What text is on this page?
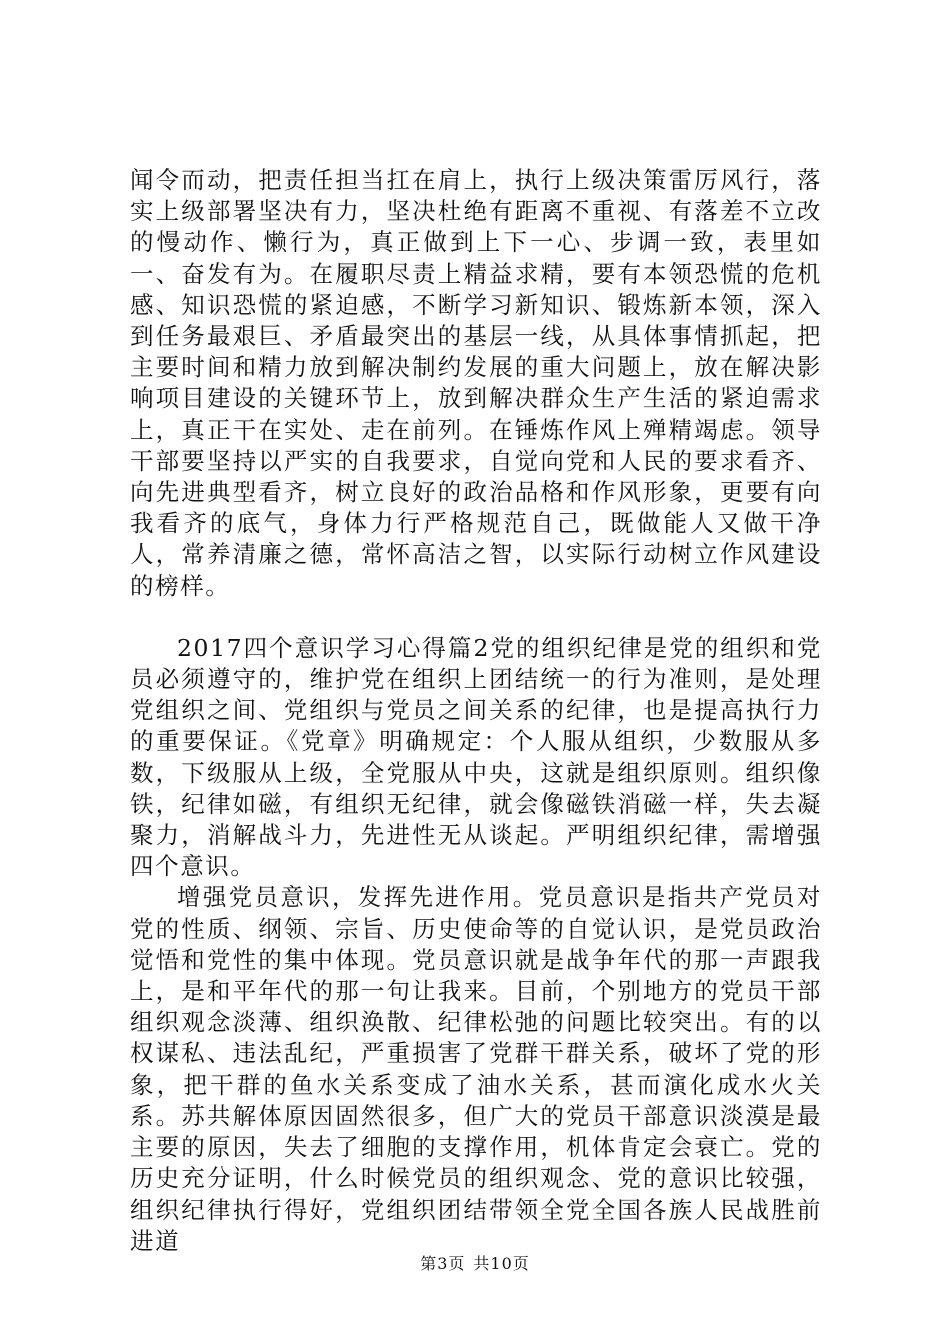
闻令而动，把责任担当扛在肩上，执行上级决策雷厉风行，落实上级部署坚决有力，坚决杜绝有距离不重视、有落差不立改的慢动作、懒行为，真正做到上下一心、步调一致，表里如一、奋发有为。在履职尽责上精益求精，要有本领恐慌的危机感、知识恐慌的紧迫感，不断学习新知识、锻炼新本领，深入到任务最艰巨、矛盾最突出的基层一线，从具体事情抓起，把主要时间和精力放到解决制约发展的重大问题上，放在解决影响项目建设的关键环节上，放到解决群众生产生活的紧迫需求上，真正干在实处、走在前列。在锤炼作风上殚精竭虑。领导干部要坚持以严实的自我要求，自觉向党和人民的要求看齐、向先进典型看齐，树立良好的政治品格和作风形象，更要有向我看齐的底气，身体力行严格规范自己，既做能人又做干净人，常养清廉之德，常怀高洁之智，以实际行动树立作风建设的榜样。

2017四个意识学习心得篇2党的组织纪律是党的组织和党员必须遵守的，维护党在组织上团结统一的行为准则，是处理党组织之间、党组织与党员之间关系的纪律，也是提高执行力的重要保证。《党章》明确规定：个人服从组织，少数服从多数，下级服从上级，全党服从中央，这就是组织原则。组织像铁，纪律如磁，有组织无纪律，就会像磁铁消磁一样，失去凝聚力，消解战斗力，先进性无从谈起。严明组织纪律，需增强四个意识。

增强党员意识，发挥先进作用。党员意识是指共产党员对党的性质、纲领、宗旨、历史使命等的自觉认识，是党员政治觉悟和党性的集中体现。党员意识就是战争年代的那一声跟我上，是和平年代的那一句让我来。目前，个别地方的党员干部组织观念淡薄、组织涣散、纪律松弛的问题比较突出。有的以权谋私、违法乱纪，严重损害了党群干群关系，破坏了党的形象，把干群的鱼水关系变成了油水关系，甚而演化成水火关系。苏共解体原因固然很多，但广大的党员干部意识淡漠是最主要的原因，失去了细胞的支撑作用，机体肯定会衰亡。党的历史充分证明，什么时候党员的组织观念、党的意识比较强，组织纪律执行得好，党组织团结带领全党全国各族人民战胜前进道

第3页 共10页
